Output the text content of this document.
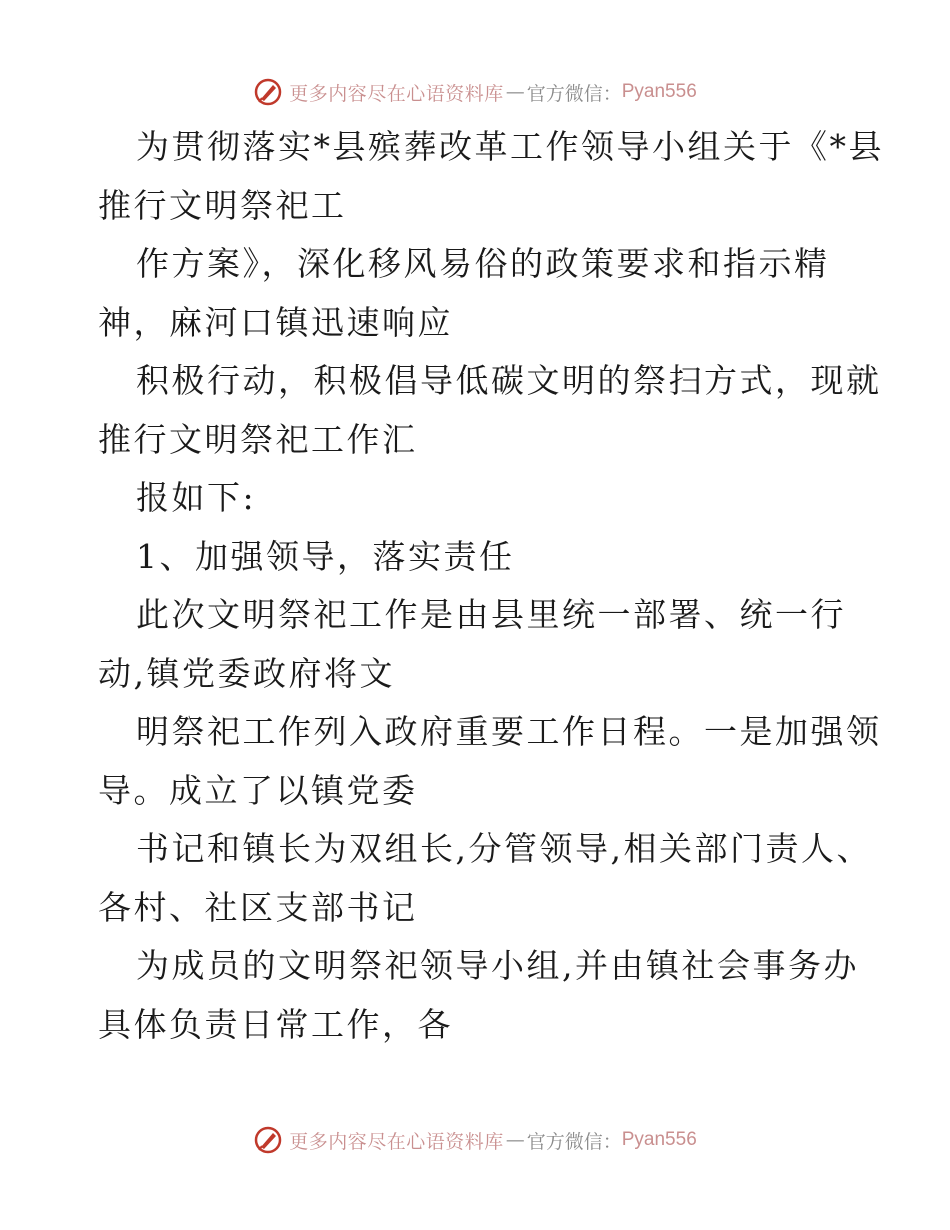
更多内容尽在心语资料库 — 官方微信： Pyan556
为贯彻落实*县殡葬改革工作领导小组关于《*县
推行文明祭祀工
作方案》，深化移风易俗的政策要求和指示精
神，麻河口镇迅速响应
积极行动，积极倡导低碳文明的祭扫方式，现就
推行文明祭祀工作汇
报如下:
1、加强领导，落实责任
此次文明祭祀工作是由县里统一部署、统一行
动,镇党委政府将文
明祭祀工作列入政府重要工作日程。一是加强领
导。成立了以镇党委
书记和镇长为双组长,分管领导,相关部门责人、
各村、社区支部书记
为成员的文明祭祀领导小组,并由镇社会事务办
具体负责日常工作，各
更多内容尽在心语资料库 — 官方微信： Pyan556
